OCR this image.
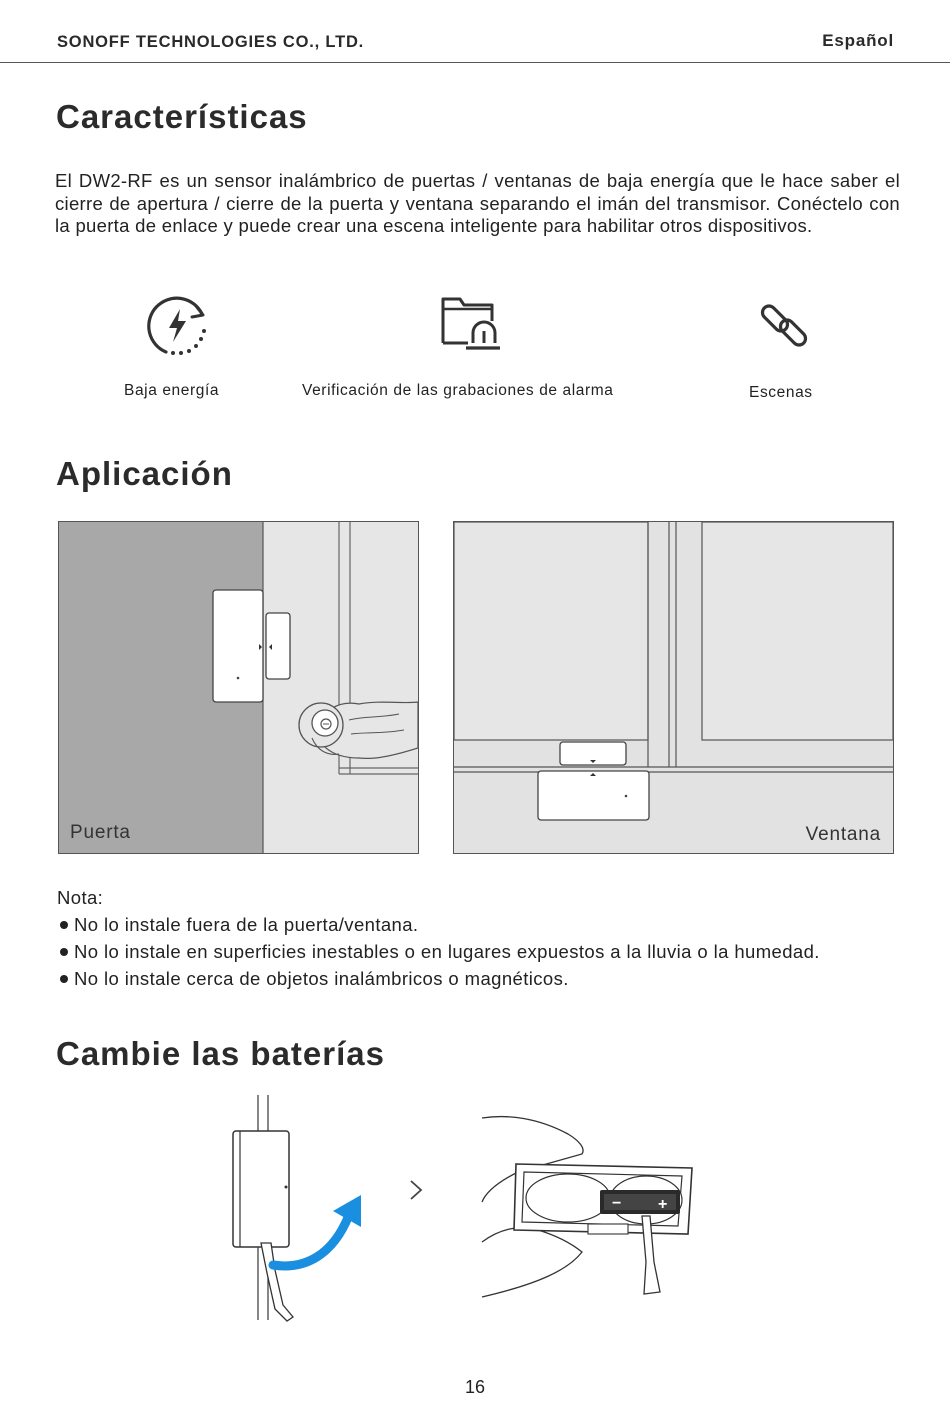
SONOFF TECHNOLOGIES CO., LTD.	Español
Características

El DW2-RF es un sensor inalámbrico de puertas / ventanas de baja energía que le hace saber el cierre de apertura / cierre de la puerta y ventana separando el imán del transmisor. Conéctelo con la puerta de enlace y puede crear una escena inteligente para habilitar otros dispositivos.

Baja energía	Verificación de las grabaciones de alarma	Escenas
Aplicación
Puerta	Ventana
Nota:
No lo instale fuera de la puerta/ventana.
No lo instale en superficies inestables o en lugares expuestos a la lluvia o la humedad.
No lo instale cerca de objetos inalámbricos o magnéticos.
Cambie las baterías
− +
16
